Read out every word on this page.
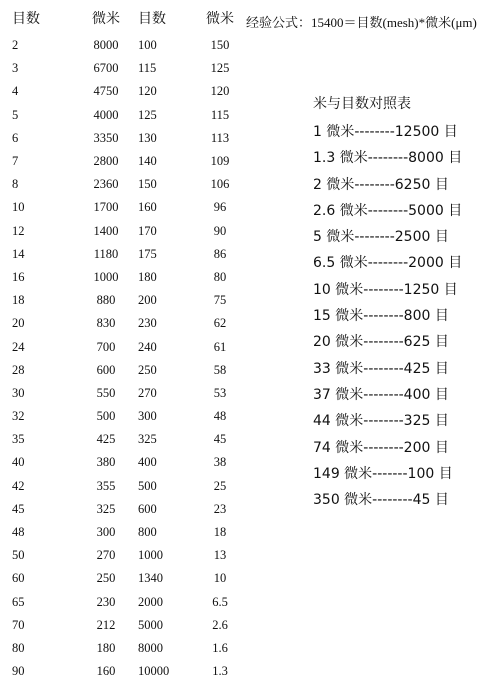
目数	微米	目数	微米
2	8000	100	150
3	6700	115	125
4	4750	120	120
5	4000	125	115
6	3350	130	113
7	2800	140	109
8	2360	150	106
10	1700	160	96
12	1400	170	90
14	1180	175	86
16	1000	180	80
18	880	200	75
20	830	230	62
24	700	240	61
28	600	250	58
30	550	270	53
32	500	300	48
35	425	325	45
40	380	400	38
42	355	500	25
45	325	600	23
48	300	800	18
50	270	1000	13
60	250	1340	10
65	230	2000	6.5
70	212	5000	2.6
80	180	8000	1.6
90	160	10000	1.3
经验公式：15400＝目数(mesh)*微米(μm)
米与目数对照表
1 微米--------12500 目
1.3 微米--------8000 目
2 微米--------6250 目
2.6 微米--------5000 目
5 微米--------2500 目
6.5 微米--------2000 目
10 微米--------1250 目
15 微米--------800 目
20 微米--------625 目
33 微米--------425 目
37 微米--------400 目
44 微米--------325 目
74 微米--------200 目
149 微米-------100 目
350 微米--------45 目
